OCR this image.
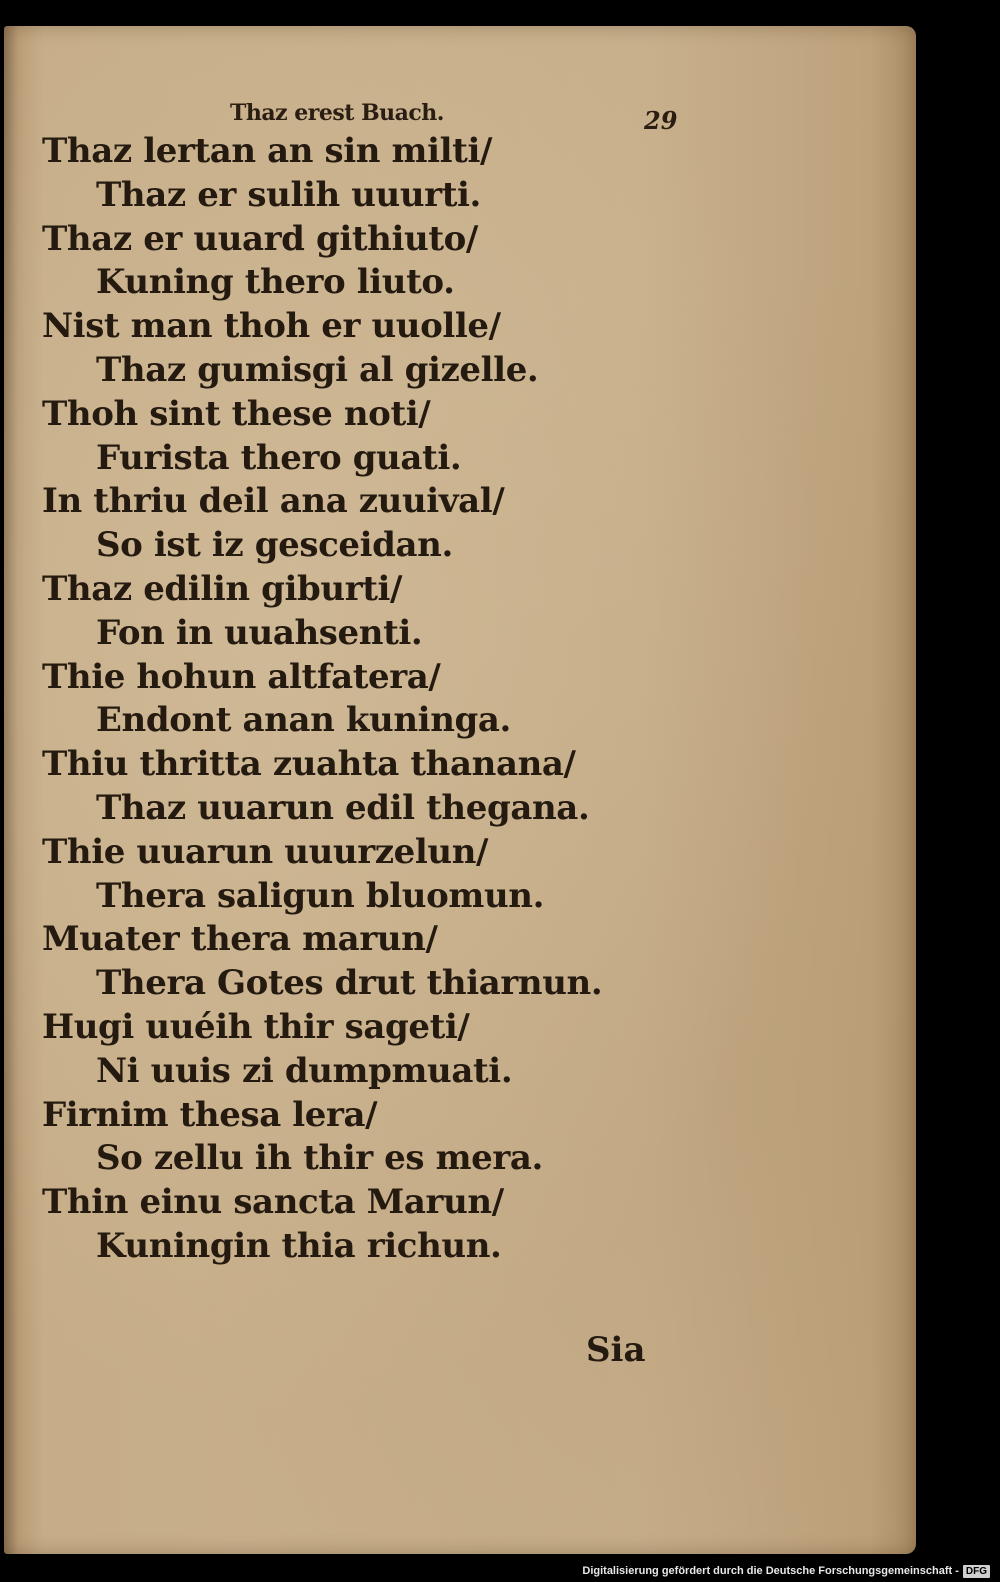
Thaz erest Buach.	29
Thaz lertan an sin milti/
Thaz er sulih uuurti.
Thaz er uuard githiuto/
Kuning thero liuto.
Nist man thoh er uuolle/
Thaz gumisgi al gizelle.
Thoh sint these noti/
Furista thero guati.
In thriu deil ana zuuival/
So ist iz gesceidan.
Thaz edilin giburti/
Fon in uuahsenti.
Thie hohun altfatera/
Endont anan kuninga.
Thiu thritta zuahta thanana/
Thaz uuarun edil thegana.
Thie uuarun uuurzelun/
Thera saligun bluomun.
Muater thera marun/
Thera Gotes drut thiarnun.
Hugi uuéih thir sageti/
Ni uuis zi dumpmuati.
Firnim thesa lera/
So zellu ih thir es mera.
Thin einu sancta Marun/
Kuningin thia richun.
Sia
Digitalisierung gefördert durch die Deutsche Forschungsgemeinschaft - DFG
